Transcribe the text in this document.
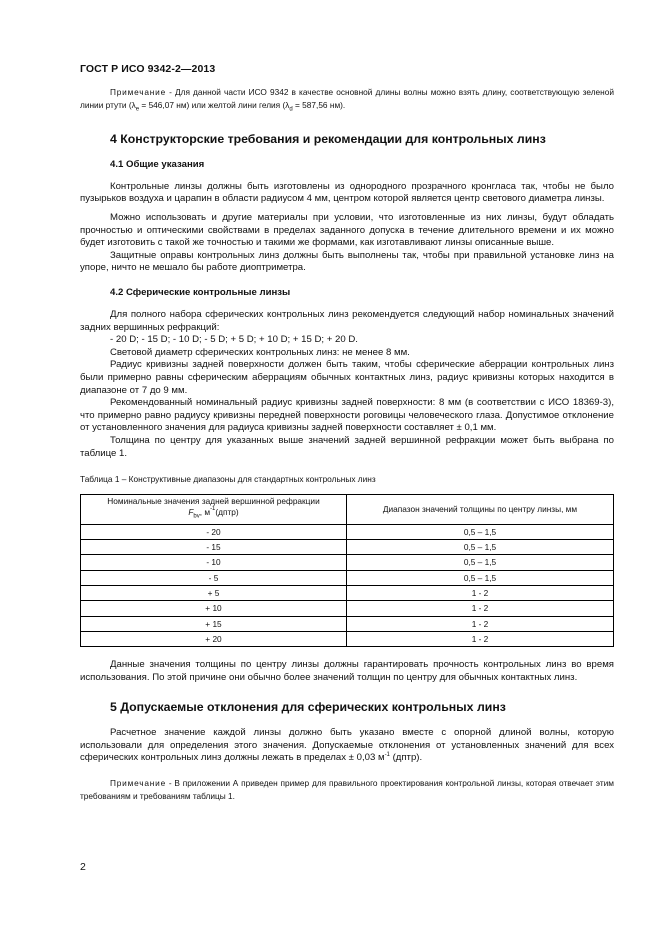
ГОСТ Р ИСО 9342-2—2013

Примечание - Для данной части ИСО 9342 в качестве основной длины волны можно взять длину, соответствующую зеленой линии ртути ($\lambda_e = 546,07$ нм) или желтой лини гелия ($\lambda_d = 587,56$ нм).

4 Конструкторские требования и рекомендации для контрольных линз
4.1 Общие указания

Контрольные линзы должны быть изготовлены из однородного прозрачного кронгласа так, чтобы не было пузырьков воздуха и царапин в области радиусом 4 мм, центром которой является центр светового диаметра линзы.

Можно использовать и другие материалы при условии, что изготовленные из них линзы, будут обладать прочностью и оптическими свойствами в пределах заданного допуска в течение длительного времени и их можно будет изготовить с такой же точностью и такими же формами, как изготавливают линзы описанные выше.

Защитные оправы контрольных линз должны быть выполнены так, чтобы при правильной установке линз на упоре, ничто не мешало бы работе диоптриметра.

4.2 Сферические контрольные линзы

Для полного набора сферических контрольных линз рекомендуется следующий набор номинальных значений задних вершинных рефракций:

- 20 D; - 15 D; - 10 D; - 5 D; + 5 D; + 10 D; + 15 D; + 20 D.

Световой диаметр сферических контрольных линз: не менее 8 мм.

Радиус кривизны задней поверхности должен быть таким, чтобы сферические аберрации контрольных линз были примерно равны сферическим аберрациям обычных контактных линз, радиус кривизны которых находится в диапазоне от 7 до 9 мм.

Рекомендованный номинальный радиус кривизны задней поверхности: 8 мм (в соответствии с ИСО 18369-3), что примерно равно радиусу кривизны передней поверхности роговицы человеческого глаза. Допустимое отклонение от установленного значения для радиуса кривизны задней поверхности составляет ± 0,1 мм.

Толщина по центру для указанных выше значений задней вершинной рефракции может быть выбрана по таблице 1.

Таблица 1 – Конструктивные диапазоны для стандартных контрольных линз
Номинальные значения задней вершинной рефракции
$F_{bv}$, $м^{-1}(дптр)$	Диапазон значений толщины по центру линзы, мм
- 20	0,5 – 1,5
- 15	0,5 – 1,5
- 10	0,5 – 1,5
- 5	0,5 – 1,5
+ 5	1 - 2
+ 10	1 - 2
+ 15	1 - 2
+ 20	1 - 2

Данные значения толщины по центру линзы должны гарантировать прочность контрольных линз во время использования. По этой причине они обычно более значений толщин по центру для обычных контактных линз.

5 Допускаемые отклонения для сферических контрольных линз

Расчетное значение каждой линзы должно быть указано вместе с опорной длиной волны, которую использовали для определения этого значения. Допускаемые отклонения от установленных значений для всех сферических контрольных линз должны лежать в пределах ± 0,03 $м^{-1}$ (дптр).

Примечание - В приложении А приведен пример для правильного проектирования контрольной линзы, которая отвечает этим требованиям и требованиям таблицы 1.

2
